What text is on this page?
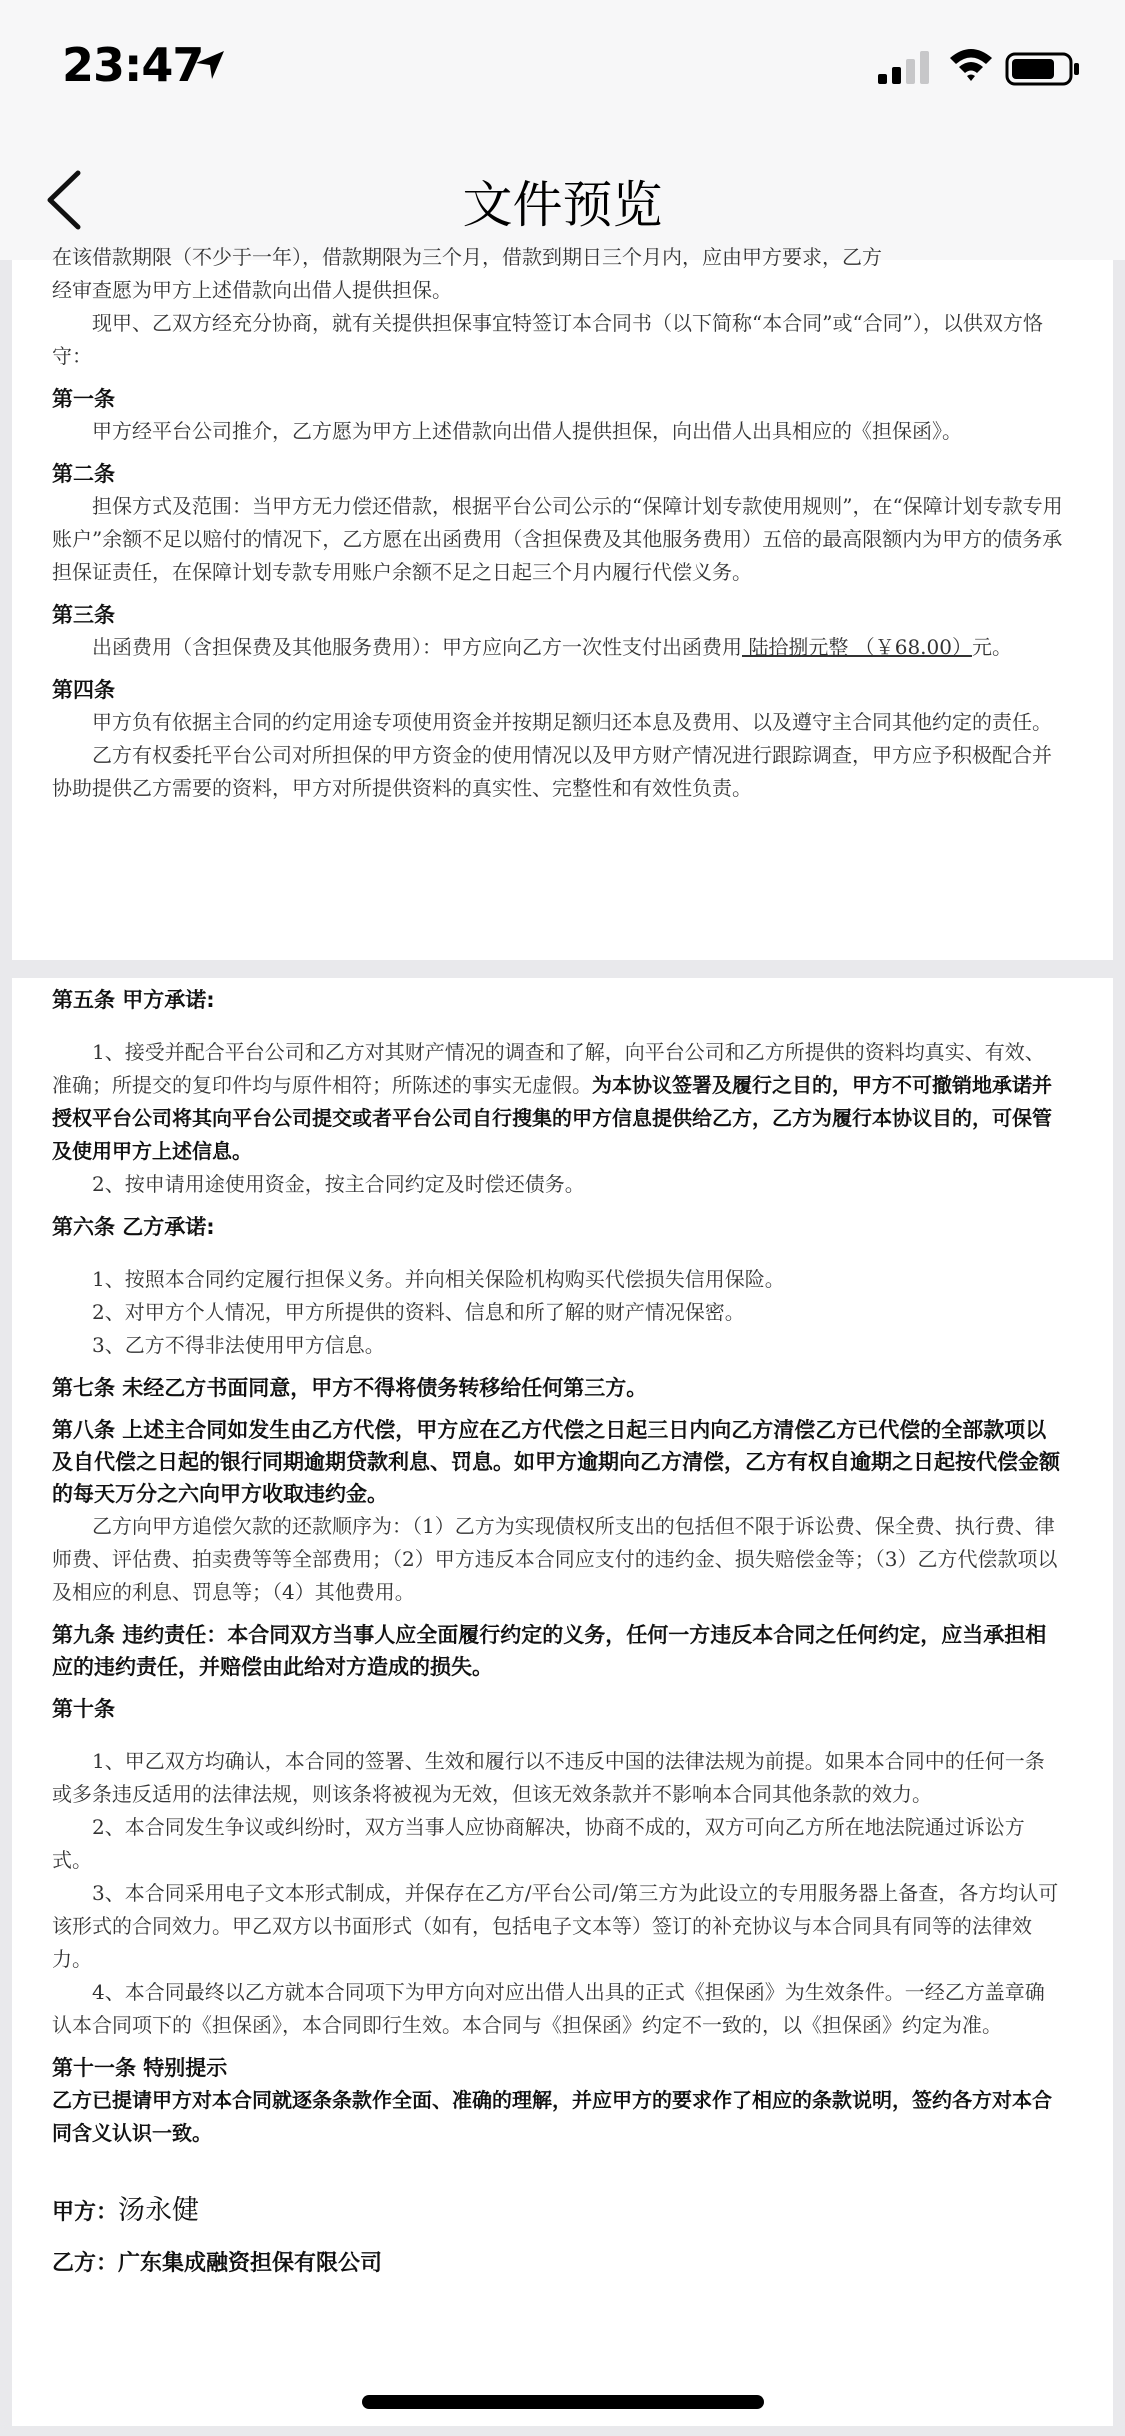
23:47
文件预览

在该借款期限（不少于一年），借款期限为三个月，借款到期日三个月内，应由甲方要求，乙方

经审查愿为甲方上述借款向出借人提供担保。

现甲、乙双方经充分协商，就有关提供担保事宜特签订本合同书（以下简称“本合同”或“合同”），以供双方恪守：

第一条

甲方经平台公司推介，乙方愿为甲方上述借款向出借人提供担保，向出借人出具相应的《担保函》。

第二条

担保方式及范围：当甲方无力偿还借款，根据平台公司公示的“保障计划专款使用规则”，在“保障计划专款专用账户”余额不足以赔付的情况下，乙方愿在出函费用（含担保费及其他服务费用）五倍的最高限额内为甲方的债务承担保证责任，在保障计划专款专用账户余额不足之日起三个月内履行代偿义务。

第三条

出函费用（含担保费及其他服务费用）：甲方应向乙方一次性支付出函费用 陆拾捌元整 （￥68.00）元。

第四条

甲方负有依据主合同的约定用途专项使用资金并按期足额归还本息及费用、以及遵守主合同其他约定的责任。

乙方有权委托平台公司对所担保的甲方资金的使用情况以及甲方财产情况进行跟踪调查，甲方应予积极配合并协助提供乙方需要的资料，甲方对所提供资料的真实性、完整性和有效性负责。

第五条 甲方承诺:

1、接受并配合平台公司和乙方对其财产情况的调查和了解，向平台公司和乙方所提供的资料均真实、有效、准确；所提交的复印件均与原件相符；所陈述的事实无虚假。为本协议签署及履行之目的，甲方不可撤销地承诺并授权平台公司将其向平台公司提交或者平台公司自行搜集的甲方信息提供给乙方，乙方为履行本协议目的，可保管及使用甲方上述信息。

2、按申请用途使用资金，按主合同约定及时偿还债务。

第六条 乙方承诺:

1、按照本合同约定履行担保义务。并向相关保险机构购买代偿损失信用保险。

2、对甲方个人情况，甲方所提供的资料、信息和所了解的财产情况保密。

3、乙方不得非法使用甲方信息。

第七条 未经乙方书面同意，甲方不得将债务转移给任何第三方。
第八条 上述主合同如发生由乙方代偿，甲方应在乙方代偿之日起三日内向乙方清偿乙方已代偿的全部款项以及自代偿之日起的银行同期逾期贷款利息、罚息。如甲方逾期向乙方清偿，乙方有权自逾期之日起按代偿金额的每天万分之六向甲方收取违约金。

乙方向甲方追偿欠款的还款顺序为：（1）乙方为实现债权所支出的包括但不限于诉讼费、保全费、执行费、律师费、评估费、拍卖费等等全部费用；（2）甲方违反本合同应支付的违约金、损失赔偿金等；（3）乙方代偿款项以及相应的利息、罚息等；（4）其他费用。

第九条 违约责任：本合同双方当事人应全面履行约定的义务，任何一方违反本合同之任何约定，应当承担相应的违约责任，并赔偿由此给对方造成的损失。
第十条

1、甲乙双方均确认，本合同的签署、生效和履行以不违反中国的法律法规为前提。如果本合同中的任何一条或多条违反适用的法律法规，则该条将被视为无效，但该无效条款并不影响本合同其他条款的效力。

2、本合同发生争议或纠纷时，双方当事人应协商解决，协商不成的，双方可向乙方所在地法院通过诉讼方式。

3、本合同采用电子文本形式制成，并保存在乙方/平台公司/第三方为此设立的专用服务器上备查，各方均认可该形式的合同效力。甲乙双方以书面形式（如有，包括电子文本等）签订的补充协议与本合同具有同等的法律效力。

4、本合同最终以乙方就本合同项下为甲方向对应出借人出具的正式《担保函》为生效条件。一经乙方盖章确认本合同项下的《担保函》，本合同即行生效。本合同与《担保函》约定不一致的，以《担保函》约定为准。

第十一条 特别提示

乙方已提请甲方对本合同就逐条条款作全面、准确的理解，并应甲方的要求作了相应的条款说明，签约各方对本合同含义认识一致。

甲方：汤永健

乙方：广东集成融资担保有限公司
